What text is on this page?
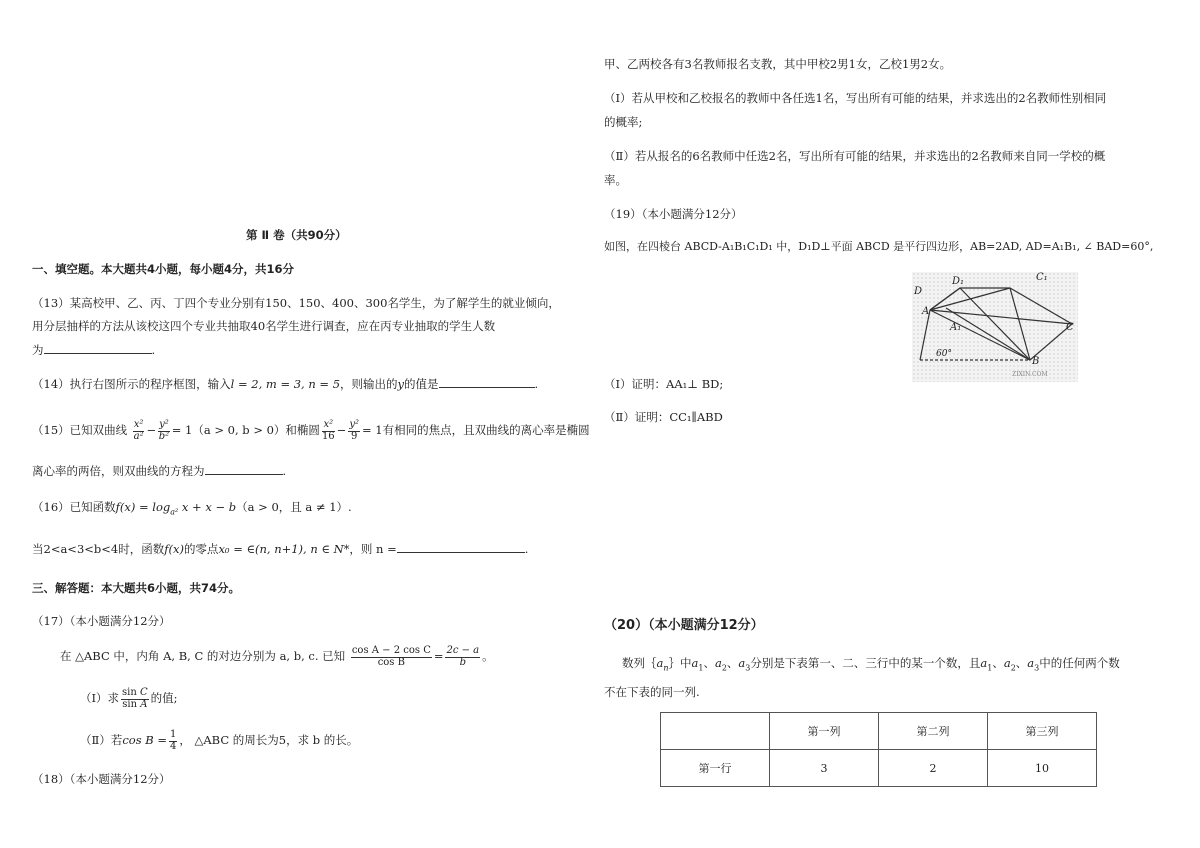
第 Ⅱ 卷（共90分）
一、填空题。本大题共4小题，每小题4分，共16分
（13）某高校甲、乙、丙、丁四个专业分别有150、150、400、300名学生，为了解学生的就业倾向，
用分层抽样的方法从该校这四个专业共抽取40名学生进行调查，应在丙专业抽取的学生人数
为	.
（14）执行右图所示的程序框图，输入l = 2, m = 3, n = 5，则输出的y的值是	.
（15）已知双曲线 $\frac{\text{x²}}{\text{a²}} - \frac{\text{y²}}{\text{b²}} = 1(a > 0$, b > 0）和椭圆 $\frac{\text{x²}}{16} - \frac{\text{y²}}{9} = 1$有相同的焦点，且双曲线的离心率是椭圆
离心率的两倍，则双曲线的方程为	.
（16）已知函数$f(x) = \log_{a^2} x + x - b(a > 0$，且 a ≠ 1）.
当2<a<3<b<4时，函数f(x)的零点x₀ = ∈(n, n+1), n ∈ N*，则 n =	.
三、解答题：本大题共6小题，共74分。
（17）（本小题满分12分）
在 △ABC 中，内角 A, B, C 的对边分别为 a, b, c. 已知 $\frac{\text{cos A − 2 cos C}}{\text{cos B}} = \frac{2c - a}{b}$ 。
（Ⅰ）求 $\frac{\text{sin C}}{\text{sin A}}$ 的值;
（Ⅱ）若$\cos B = \frac{1}{4}$ ， △ABC 的周长为5，求 b 的长。
（18）（本小题满分12分）
甲、乙两校各有3名教师报名支教，其中甲校2男1女，乙校1男2女。
（Ⅰ）若从甲校和乙校报名的教师中各任选1名，写出所有可能的结果，并求选出的2名教师性别相同
的概率;
（Ⅱ）若从报名的6名教师中任选2名，写出所有可能的结果，并求选出的2名教师来自同一学校的概
率。
（19）（本小题满分12分）
如图，在四棱台 ABCD-A₁B₁C₁D₁ 中，D₁D⊥平面 ABCD 是平行四边形，AB=2AD, AD=A₁B₁, ∠ BAD=60°,
D
D₁	C₁
C
A
A₁
B
60°
ZIXIN.COM
（Ⅰ）证明：AA₁⊥ BD;
（Ⅱ）证明：CC₁∥ABD
（20）（本小题满分12分）
数列$\{a_n\}$中$a_1$、$a_2$、$a_3$分别是下表第一、二、三行中的某一个数，且$a_1$、$a_2$、$a_3$中的任何两个数
不在下表的同一列.
	第一列	第二列	第三列
第一行	3	2	10
